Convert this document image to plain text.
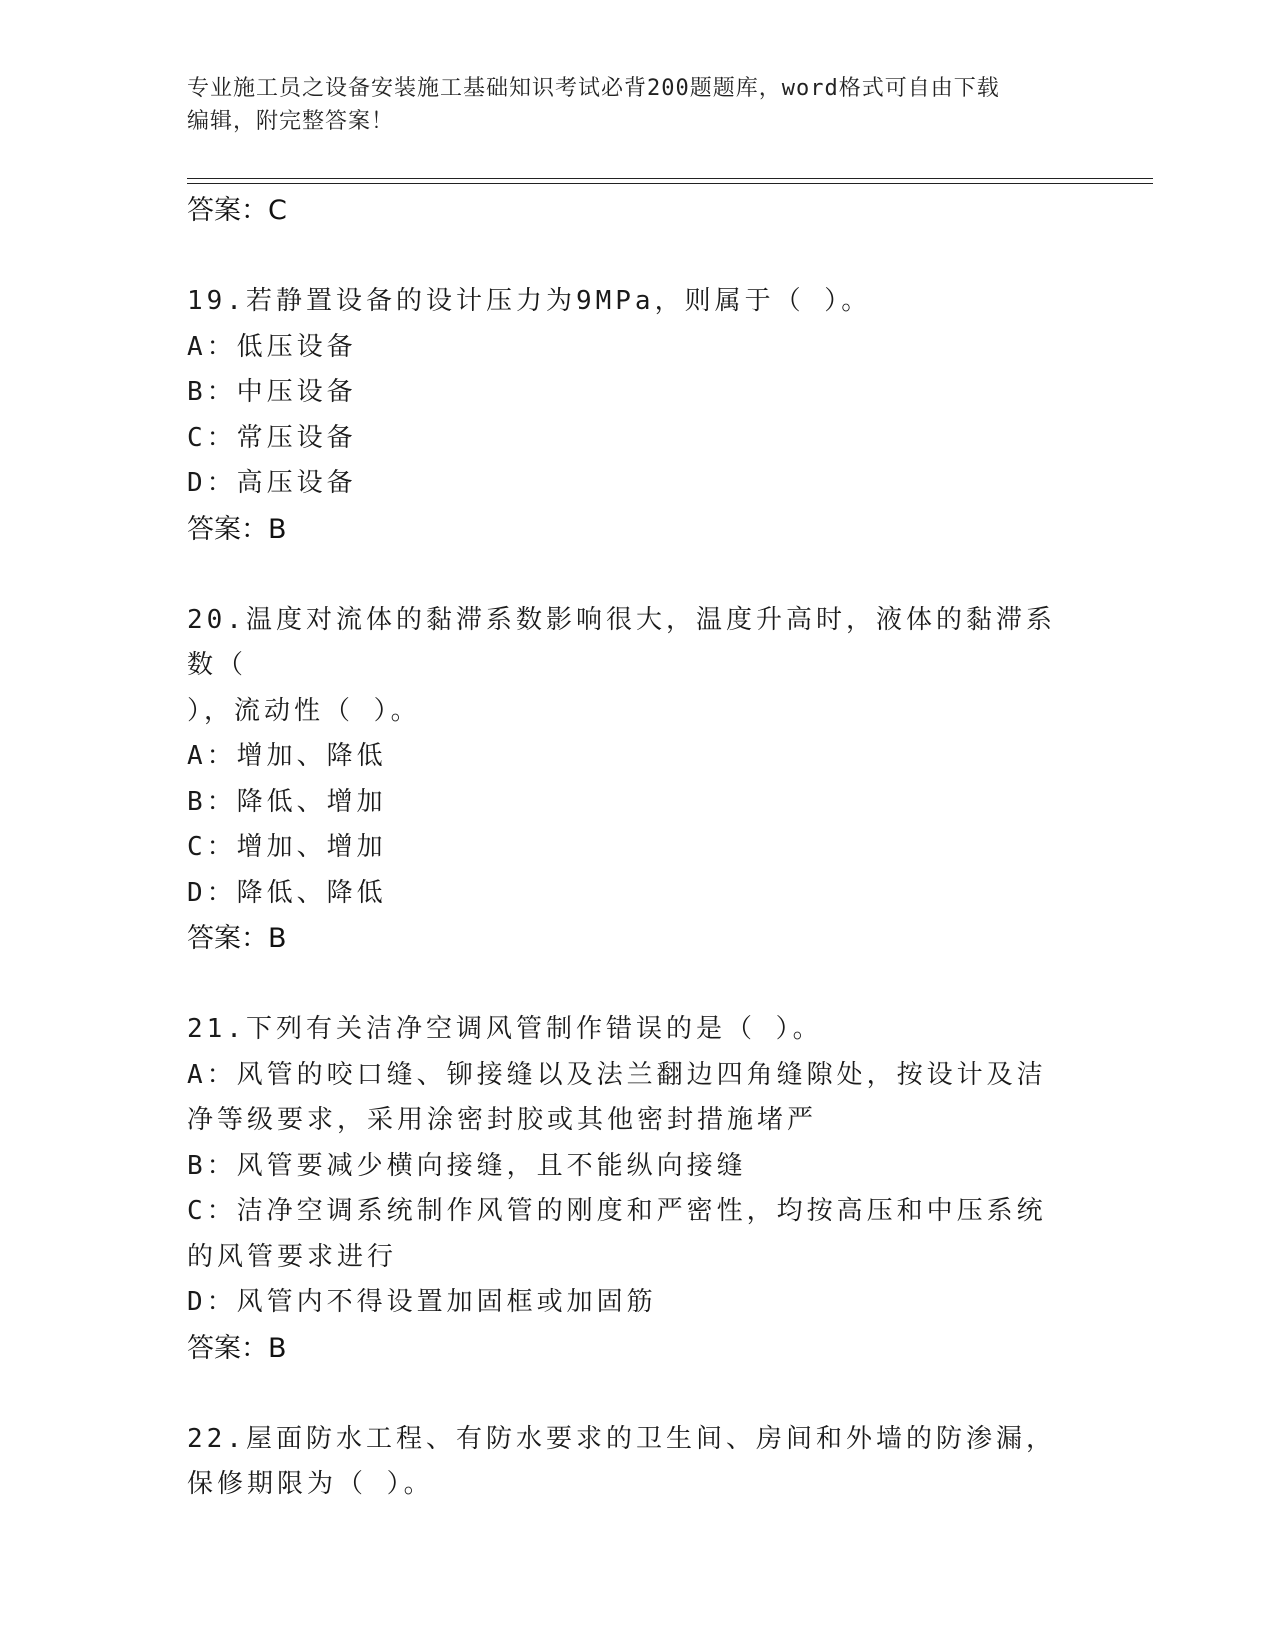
专业施工员之设备安装施工基础知识考试必背200题题库，word格式可自由下载
编辑，附完整答案！
答案：C
19.若静置设备的设计压力为9MPa，则属于（ ）。
A：低压设备
B：中压设备
C：常压设备
D：高压设备
答案：B
20.温度对流体的黏滞系数影响很大，温度升高时，液体的黏滞系数（
），流动性（ ）。
A：增加、降低
B：降低、增加
C：增加、增加
D：降低、降低
答案：B
21.下列有关洁净空调风管制作错误的是（ ）。
A：风管的咬口缝、铆接缝以及法兰翻边四角缝隙处，按设计及洁净等级要求，采用涂密封胶或其他密封措施堵严
B：风管要减少横向接缝，且不能纵向接缝
C：洁净空调系统制作风管的刚度和严密性，均按高压和中压系统的风管要求进行
D：风管内不得设置加固框或加固筋
答案：B
22.屋面防水工程、有防水要求的卫生间、房间和外墙的防渗漏，保修期限为（ ）。
